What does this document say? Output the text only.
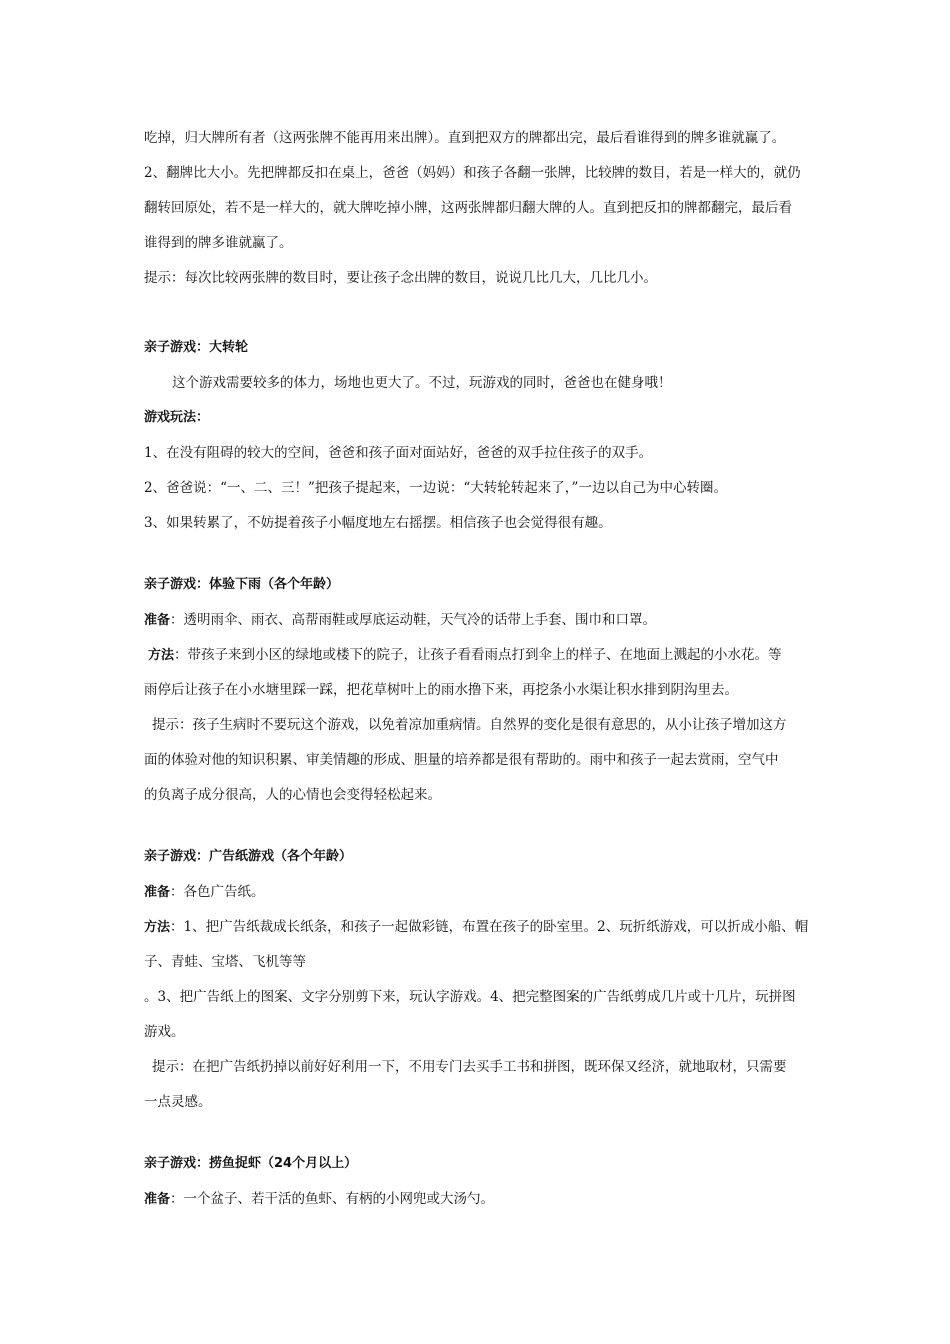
吃掉，归大牌所有者（这两张牌不能再用来出牌）。直到把双方的牌都出完，最后看谁得到的牌多谁就赢了。

2、翻牌比大小。先把牌都反扣在桌上，爸爸（妈妈）和孩子各翻一张牌，比较牌的数目，若是一样大的，就仍

翻转回原处，若不是一样大的，就大牌吃掉小牌，这两张牌都归翻大牌的人。直到把反扣的牌都翻完，最后看

谁得到的牌多谁就赢了。

提示：每次比较两张牌的数目时，要让孩子念出牌的数目，说说几比几大，几比几小。

亲子游戏：大转轮

这个游戏需要较多的体力，场地也更大了。不过，玩游戏的同时，爸爸也在健身哦！

游戏玩法：

1、在没有阻碍的较大的空间，爸爸和孩子面对面站好，爸爸的双手拉住孩子的双手。

2、爸爸说：“一、二、三！”把孩子提起来，一边说：“大转轮转起来了，”一边以自己为中心转圈。

3、如果转累了，不妨提着孩子小幅度地左右摇摆。相信孩子也会觉得很有趣。

亲子游戏：体验下雨（各个年龄）

准备：透明雨伞、雨衣、高帮雨鞋或厚底运动鞋，天气冷的话带上手套、围巾和口罩。

方法：带孩子来到小区的绿地或楼下的院子，让孩子看看雨点打到伞上的样子、在地面上溅起的小水花。等

雨停后让孩子在小水塘里踩一踩，把花草树叶上的雨水撸下来，再挖条小水渠让积水排到阴沟里去。

提示：孩子生病时不要玩这个游戏，以免着凉加重病情。自然界的变化是很有意思的，从小让孩子增加这方

面的体验对他的知识积累、审美情趣的形成、胆量的培养都是很有帮助的。雨中和孩子一起去赏雨，空气中

的负离子成分很高，人的心情也会变得轻松起来。

亲子游戏：广告纸游戏（各个年龄）

准备：各色广告纸。

方法：1、把广告纸裁成长纸条，和孩子一起做彩链，布置在孩子的卧室里。2、玩折纸游戏，可以折成小船、帽

子、青蛙、宝塔、飞机等等

。3、把广告纸上的图案、文字分别剪下来，玩认字游戏。4、把完整图案的广告纸剪成几片或十几片，玩拼图

游戏。

提示：在把广告纸扔掉以前好好利用一下，不用专门去买手工书和拼图，既环保又经济，就地取材，只需要

一点灵感。

亲子游戏：捞鱼捉虾（24个月以上）

准备：一个盆子、若干活的鱼虾、有柄的小网兜或大汤勺。
